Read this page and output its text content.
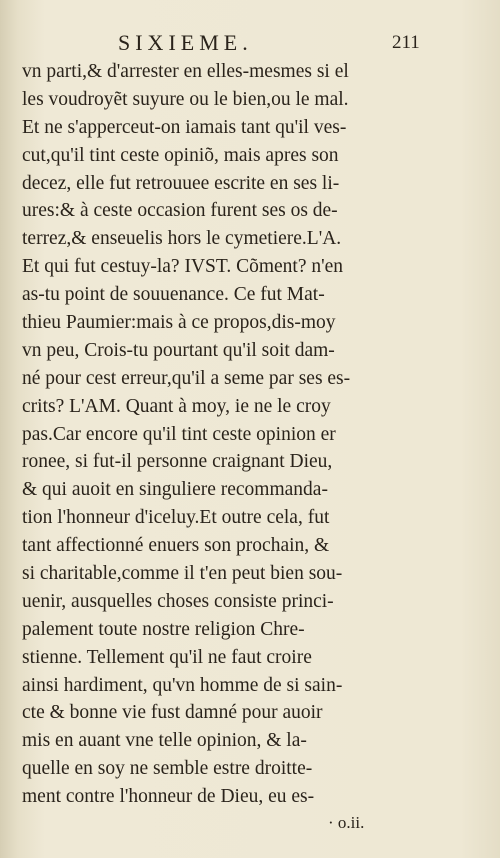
SIXIEME.	211
vn parti,& d'arrester en elles-mesmes si el
les voudroyẽt suyure ou le bien,ou le mal.
Et ne s'apperceut-on iamais tant qu'il ves-
cut,qu'il tint ceste opiniõ, mais apres son
decez, elle fut retrouuee escrite en ses li-
ures:& à ceste occasion furent ses os de-
terrez,& enseuelis hors le cymetiere.L'A.
Et qui fut cestuy-la? IVST. Cõment? n'en
as-tu point de souuenance. Ce fut Mat-
thieu Paumier:mais à ce propos,dis-moy
vn peu, Crois-tu pourtant qu'il soit dam-
né pour cest erreur,qu'il a seme par ses es-
crits? L'AM. Quant à moy, ie ne le croy
pas.Car encore qu'il tint ceste opinion er
ronee, si fut-il personne craignant Dieu,
& qui auoit en singuliere recommanda-
tion l'honneur d'iceluy.Et outre cela, fut
tant affectionné enuers son prochain, &
si charitable,comme il t'en peut bien sou-
uenir, ausquelles choses consiste princi-
palement toute nostre religion Chre-
stienne. Tellement qu'il ne faut croire
ainsi hardiment, qu'vn homme de si sain-
cte & bonne vie fust damné pour auoir
mis en auant vne telle opinion, & la-
quelle en soy ne semble estre droitte-
ment contre l'honneur de Dieu, eu es-
· o.ii.
